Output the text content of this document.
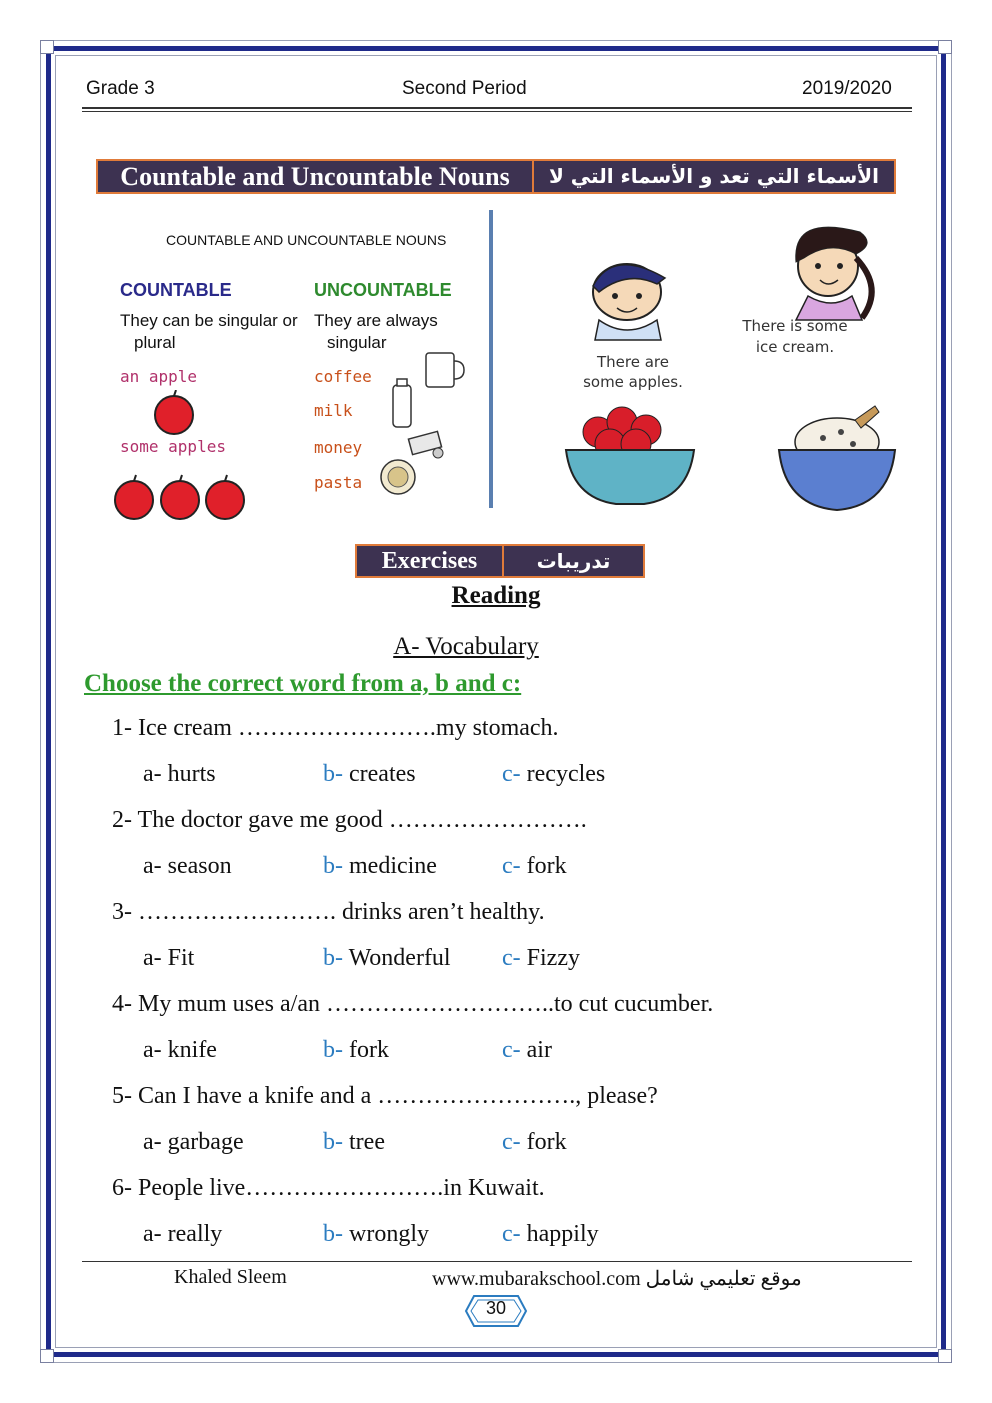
Grade 3	Second Period	2019/2020
Countable and Uncountable Nouns	الأسماء التي تعد و الأسماء التي لا تعد
COUNTABLE AND UNCOUNTABLE NOUNS
COUNTABLE
They can be singular or
plural
an apple
some apples
UNCOUNTABLE
They are always
singular
coffee
milk
money
pasta
There are
some apples.
There is some
ice cream.
Exercises	تدريبات
Reading
A- Vocabulary
Choose the correct word from a, b and c:
1- Ice cream …………………….my stomach.
a- hurts	b- creates	c- recycles
2- The doctor gave me good …………………….
a- season	b- medicine	c- fork
3- ……………………. drinks aren’t healthy.
a- Fit	b- Wonderful c- Fizzy
4- My mum uses a/an ………………………..to cut cucumber.
a- knife	b- fork	c- air
5- Can I have a knife and a ……………………., please?
a- garbage	b- tree	c- fork
6- People live…………………….in Kuwait.
a- really	b- wrongly	c- happily
Khaled Sleem	www.mubarakschool.com موقع تعليمي شامل
30
